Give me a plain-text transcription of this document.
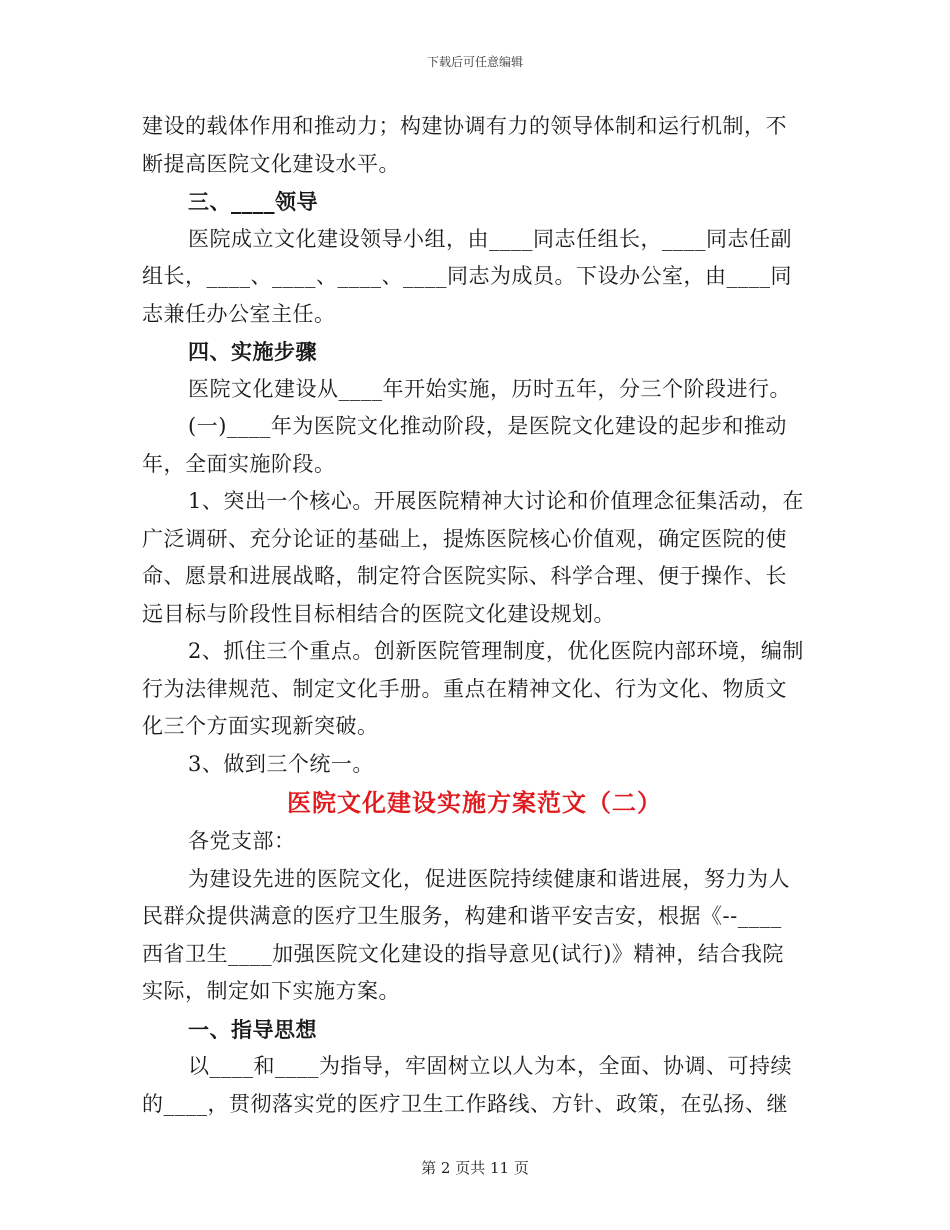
下载后可任意编辑
建设的载体作用和推动力；构建协调有力的领导体制和运行机制，不
断提高医院文化建设水平。
三、____领导
医院成立文化建设领导小组，由____同志任组长，____同志任副
组长，____、____、____、____同志为成员。下设办公室，由____同
志兼任办公室主任。
四、实施步骤
医院文化建设从____年开始实施，历时五年，分三个阶段进行。
(一)____年为医院文化推动阶段，是医院文化建设的起步和推动
年，全面实施阶段。
1、突出一个核心。开展医院精神大讨论和价值理念征集活动，在
广泛调研、充分论证的基础上，提炼医院核心价值观，确定医院的使
命、愿景和进展战略，制定符合医院实际、科学合理、便于操作、长
远目标与阶段性目标相结合的医院文化建设规划。
2、抓住三个重点。创新医院管理制度，优化医院内部环境，编制
行为法律规范、制定文化手册。重点在精神文化、行为文化、物质文
化三个方面实现新突破。
3、做到三个统一。
医院文化建设实施方案范文（二）
各党支部：
为建设先进的医院文化，促进医院持续健康和谐进展，努力为人
民群众提供满意的医疗卫生服务，构建和谐平安吉安，根据《--____
西省卫生____加强医院文化建设的指导意见(试行)》精神，结合我院
实际，制定如下实施方案。
一、指导思想
以____和____为指导，牢固树立以人为本，全面、协调、可持续
的____，贯彻落实党的医疗卫生工作路线、方针、政策，在弘扬、继
第 2 页共 11 页
